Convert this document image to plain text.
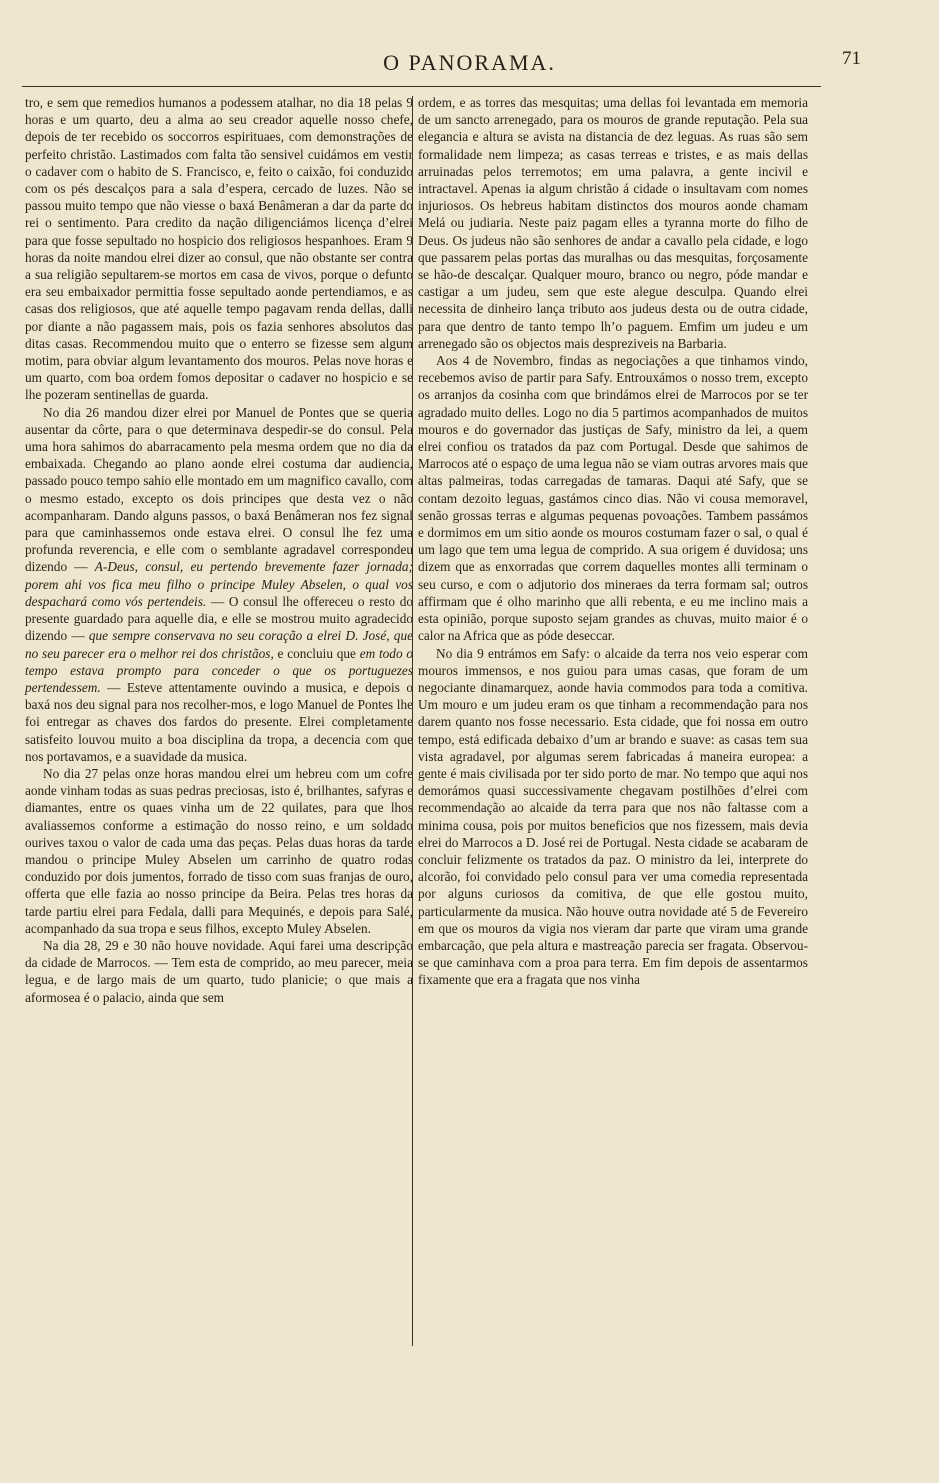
O PANORAMA.	71

tro, e sem que remedios humanos a podessem atalhar, no dia 18 pelas 9 horas e um quarto, deu a alma ao seu creador aquelle nosso chefe, depois de ter recebido os soccorros espirituaes, com demonstrações de perfeito christão. Lastimados com falta tão sensivel cuidámos em vestir o cadaver com o habito de S. Francisco, e, feito o caixão, foi conduzido com os pés descalços para a sala d’espera, cercado de luzes. Não se passou muito tempo que não viesse o baxá Benâmeran a dar da parte do rei o sentimento. Para credito da nação diligenciámos licença d’elrei para que fosse sepultado no hospicio dos religiosos hespanhoes. Eram 9 horas da noite mandou elrei dizer ao consul, que não obstante ser contra a sua religião sepultarem-se mortos em casa de vivos, porque o defunto era seu embaixador permittia fosse sepultado aonde pertendiamos, e as casas dos religiosos, que até aquelle tempo pagavam renda dellas, dalli por diante a não pagassem mais, pois os fazia senhores absolutos das ditas casas. Recommendou muito que o enterro se fizesse sem algum motim, para obviar algum levantamento dos mouros. Pelas nove horas e um quarto, com boa ordem fomos depositar o cadaver no hospicio e se lhe pozeram sentinellas de guarda.

No dia 26 mandou dizer elrei por Manuel de Pontes que se queria ausentar da côrte, para o que determinava despedir-se do consul. Pela uma hora sahimos do abarracamento pela mesma ordem que no dia da embaixada. Chegando ao plano aonde elrei costuma dar audiencia, passado pouco tempo sahio elle montado em um magnifico cavallo, com o mesmo estado, excepto os dois principes que desta vez o não acompanharam. Dando alguns passos, o baxá Benâmeran nos fez signal para que caminhassemos onde estava elrei. O consul lhe fez uma profunda reverencia, e elle com o semblante agradavel correspondeu dizendo — A-Deus, consul, eu pertendo brevemente fazer jornada; porem ahi vos fica meu filho o principe Muley Abselen, o qual vos despachará como vós pertendeis. — O consul lhe offereceu o resto do presente guardado para aquelle dia, e elle se mostrou muito agradecido dizendo — que sempre conservava no seu coração a elrei D. José, que no seu parecer era o melhor rei dos christãos, e concluiu que em todo o tempo estava prompto para conceder o que os portuguezes pertendessem. — Esteve attentamente ouvindo a musica, e depois o baxá nos deu signal para nos recolher-mos, e logo Manuel de Pontes lhe foi entregar as chaves dos fardos do presente. Elrei completamente satisfeito louvou muito a boa disciplina da tropa, a decencia com que nos portavamos, e a suavidade da musica.

No dia 27 pelas onze horas mandou elrei um hebreu com um cofre aonde vinham todas as suas pedras preciosas, isto é, brilhantes, safyras e diamantes, entre os quaes vinha um de 22 quilates, para que lhos avaliassemos conforme a estimação do nosso reino, e um soldado ourives taxou o valor de cada uma das peças. Pelas duas horas da tarde mandou o principe Muley Abselen um carrinho de quatro rodas conduzido por dois jumentos, forrado de tisso com suas franjas de ouro, offerta que elle fazia ao nosso principe da Beira. Pelas tres horas da tarde partiu elrei para Fedala, dalli para Mequinés, e depois para Salé, acompanhado da sua tropa e seus filhos, excepto Muley Abselen.

Na dia 28, 29 e 30 não houve novidade. Aqui farei uma descripção da cidade de Marrocos. — Tem esta de comprido, ao meu parecer, meia legua, e de largo mais de um quarto, tudo planicie; o que mais a aformosea é o palacio, ainda que sem

ordem, e as torres das mesquitas; uma dellas foi levantada em memoria de um sancto arrenegado, para os mouros de grande reputação. Pela sua elegancia e altura se avista na distancia de dez leguas. As ruas são sem formalidade nem limpeza; as casas terreas e tristes, e as mais dellas arruinadas pelos terremotos; em uma palavra, a gente incivil e intractavel. Apenas ia algum christão á cidade o insultavam com nomes injuriosos. Os hebreus habitam distinctos dos mouros aonde chamam Melá ou judiaria. Neste paiz pagam elles a tyranna morte do filho de Deus. Os judeus não são senhores de andar a cavallo pela cidade, e logo que passarem pelas portas das muralhas ou das mesquitas, forçosamente se hão-de descalçar. Qualquer mouro, branco ou negro, póde mandar e castigar a um judeu, sem que este alegue desculpa. Quando elrei necessita de dinheiro lança tributo aos judeus desta ou de outra cidade, para que dentro de tanto tempo lh’o paguem. Emfim um judeu e um arrenegado são os objectos mais despreziveis na Barbaria.

Aos 4 de Novembro, findas as negociações a que tinhamos vindo, recebemos aviso de partir para Safy. Entrouxámos o nosso trem, excepto os arranjos da cosinha com que brindámos elrei de Marrocos por se ter agradado muito delles. Logo no dia 5 partimos acompanhados de muitos mouros e do governador das justiças de Safy, ministro da lei, a quem elrei confiou os tratados da paz com Portugal. Desde que sahimos de Marrocos até o espaço de uma legua não se viam outras arvores mais que altas palmeiras, todas carregadas de tamaras. Daqui até Safy, que se contam dezoito leguas, gastámos cinco dias. Não vi cousa memoravel, senão grossas terras e algumas pequenas povoações. Tambem passámos e dormimos em um sitio aonde os mouros costumam fazer o sal, o qual é um lago que tem uma legua de comprido. A sua origem é duvidosa; uns dizem que as enxorradas que correm daquelles montes alli terminam o seu curso, e com o adjutorio dos mineraes da terra formam sal; outros affirmam que é olho marinho que alli rebenta, e eu me inclino mais a esta opinião, porque suposto sejam grandes as chuvas, muito maior é o calor na Africa que as póde deseccar.

No dia 9 entrámos em Safy: o alcaide da terra nos veio esperar com mouros immensos, e nos guiou para umas casas, que foram de um negociante dinamarquez, aonde havia commodos para toda a comitiva. Um mouro e um judeu eram os que tinham a recommendação para nos darem quanto nos fosse necessario. Esta cidade, que foi nossa em outro tempo, está edificada debaixo d’um ar brando e suave: as casas tem sua vista agradavel, por algumas serem fabricadas á maneira europea: a gente é mais civilisada por ter sido porto de mar. No tempo que aqui nos demorámos quasi successivamente chegavam postilhões d’elrei com recommendação ao alcaide da terra para que nos não faltasse com a minima cousa, pois por muitos beneficios que nos fizessem, mais devia elrei do Marrocos a D. José rei de Portugal. Nesta cidade se acabaram de concluir felizmente os tratados da paz. O ministro da lei, interprete do alcorão, foi convidado pelo consul para ver uma comedia representada por alguns curiosos da comitiva, de que elle gostou muito, particularmente da musica. Não houve outra novidade até 5 de Fevereiro em que os mouros da vigia nos vieram dar parte que viram uma grande embarcação, que pela altura e mastreação parecia ser fragata. Observou-se que caminhava com a proa para terra. Em fim depois de assentarmos fixamente que era a fragata que nos vinha
